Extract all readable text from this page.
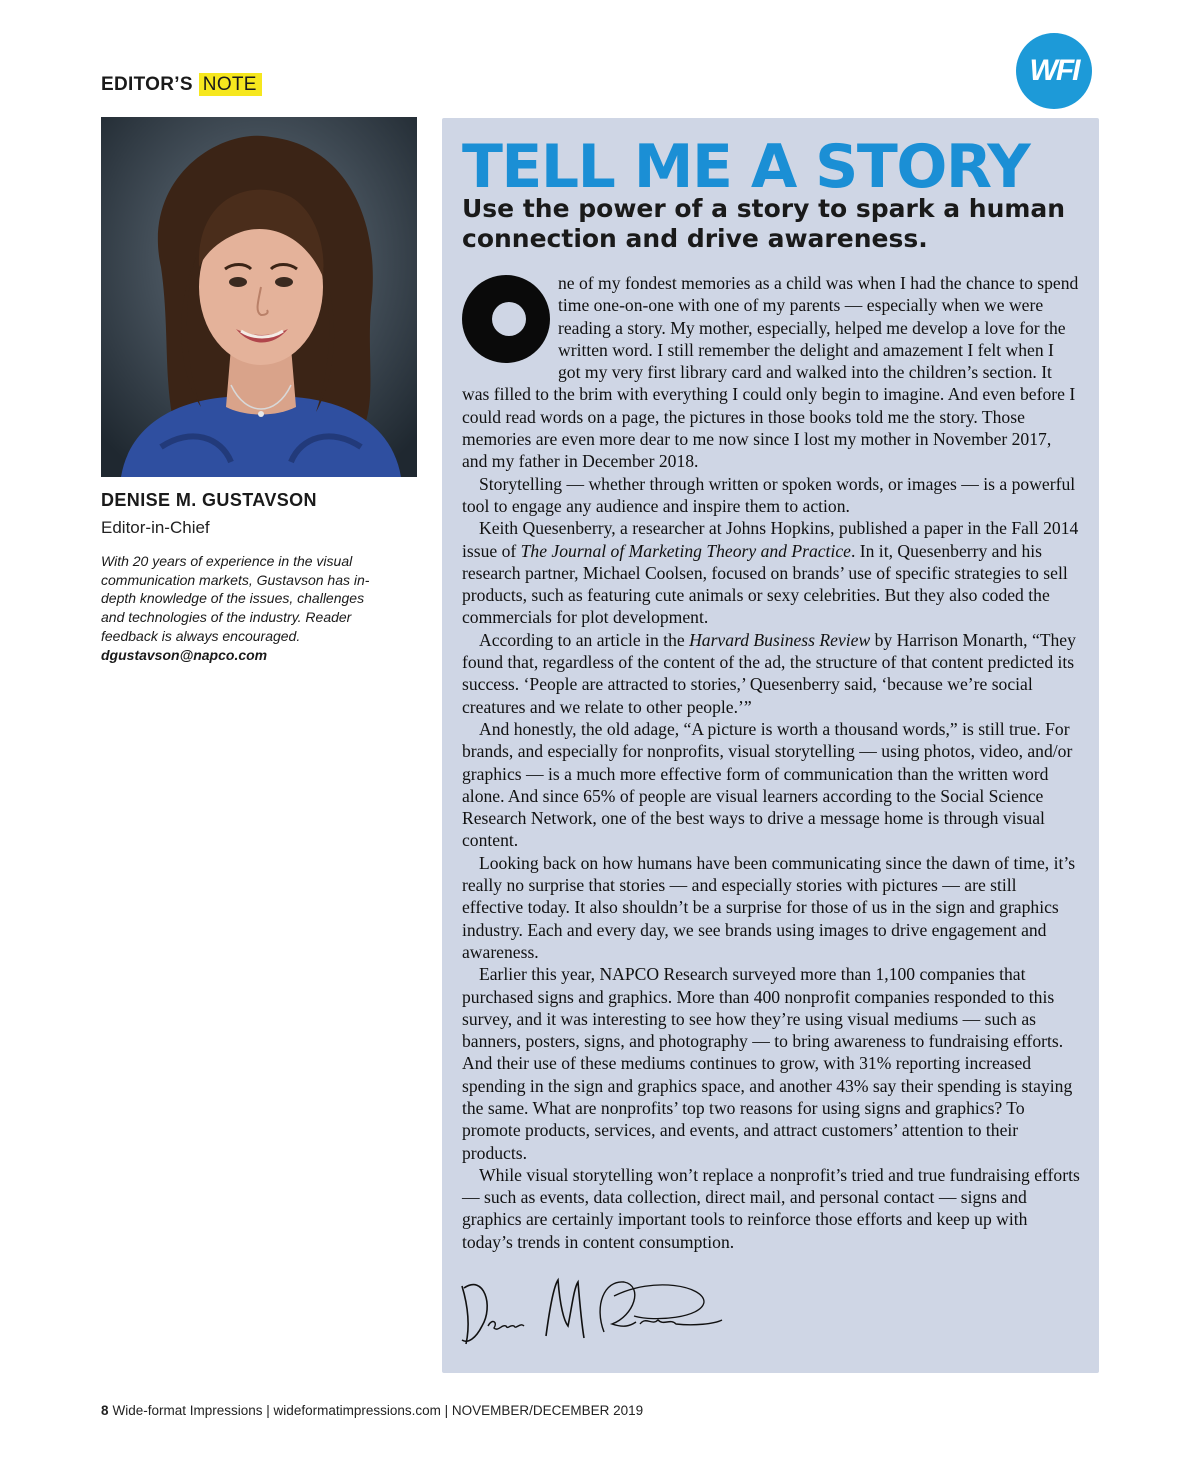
EDITOR’S NOTE	WFI
DENISE M. GUSTAVSON
Editor-in-Chief
With 20 years of experience in the visual communication markets, Gustavson has in-depth knowledge of the issues, challenges and technologies of the industry. Reader feedback is always encouraged.
dgustavson@napco.com
TELL ME A STORY
Use the power of a story to spark a human connection and drive awareness.

ne of my fondest memories as a child was when I had the chance to spend time one-on-one with one of my parents — especially when we were reading a story. My mother, especially, helped me develop a love for the written word. I still remember the delight and amazement I felt when I got my very first library card and walked into the children’s section. It was filled to the brim with everything I could only begin to imagine. And even before I could read words on a page, the pictures in those books told me the story. Those memories are even more dear to me now since I lost my mother in November 2017, and my father in December 2018.

Storytelling — whether through written or spoken words, or images — is a powerful tool to engage any audience and inspire them to action.

Keith Quesenberry, a researcher at Johns Hopkins, published a paper in the Fall 2014 issue of The Journal of Marketing Theory and Practice. In it, Quesenberry and his research partner, Michael Coolsen, focused on brands’ use of specific strategies to sell products, such as featuring cute animals or sexy celebrities. But they also coded the commercials for plot development.

According to an article in the Harvard Business Review by Harrison Monarth, “They found that, regardless of the content of the ad, the structure of that content predicted its success. ‘People are attracted to stories,’ Quesenberry said, ‘because we’re social creatures and we relate to other people.’”

And honestly, the old adage, “A picture is worth a thousand words,” is still true. For brands, and especially for nonprofits, visual storytelling — using photos, video, and/or graphics — is a much more effective form of communication than the written word alone. And since 65% of people are visual learners according to the Social Science Research Network, one of the best ways to drive a message home is through visual content.

Looking back on how humans have been communicating since the dawn of time, it’s really no surprise that stories — and especially stories with pictures — are still effective today. It also shouldn’t be a surprise for those of us in the sign and graphics industry. Each and every day, we see brands using images to drive engagement and awareness.

Earlier this year, NAPCO Research surveyed more than 1,100 companies that purchased signs and graphics. More than 400 nonprofit companies responded to this survey, and it was interesting to see how they’re using visual mediums — such as banners, posters, signs, and photography — to bring awareness to fundraising efforts. And their use of these mediums continues to grow, with 31% reporting increased spending in the sign and graphics space, and another 43% say their spending is staying the same. What are nonprofits’ top two reasons for using signs and graphics? To promote products, services, and events, and attract customers’ attention to their products.

While visual storytelling won’t replace a nonprofit’s tried and true fundraising efforts — such as events, data collection, direct mail, and personal contact — signs and graphics are certainly important tools to reinforce those efforts and keep up with today’s trends in content consumption.

8 Wide-format Impressions | wideformatimpressions.com | NOVEMBER/DECEMBER 2019
